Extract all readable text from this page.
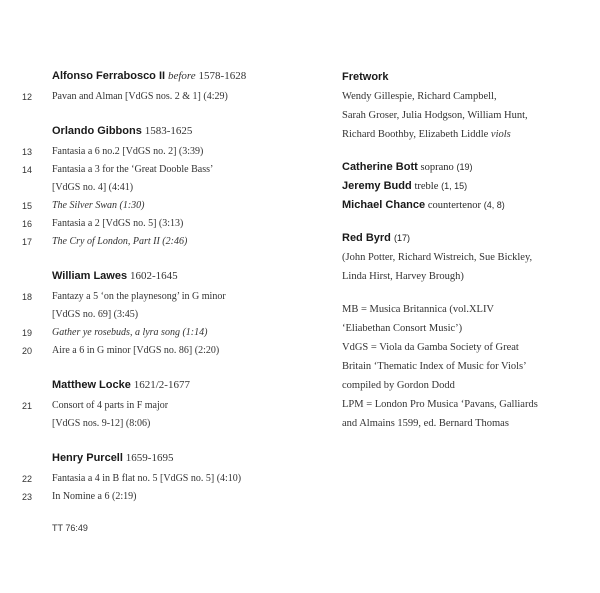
Alfonso Ferrabosco II before 1578-1628

12	Pavan and Alman [VdGS nos. 2 & 1] (4:29)

Orlando Gibbons 1583-1625

13	Fantasia a 6 no.2 [VdGS no. 2] (3:39)
14	Fantasia a 3 for the ‘Great Dooble Bass’
[VdGS no. 4] (4:41)
15	The Silver Swan (1:30)
16	Fantasia a 2 [VdGS no. 5] (3:13)
17	The Cry of London, Part II (2:46)

William Lawes 1602-1645

18	Fantazy a 5 ‘on the playnesong’ in G minor
[VdGS no. 69] (3:45)
19	Gather ye rosebuds, a lyra song (1:14)
20	Aire a 6 in G minor [VdGS no. 86] (2:20)

Matthew Locke 1621/2-1677

21	Consort of 4 parts in F major
[VdGS nos. 9-12] (8:06)

Henry Purcell 1659-1695

22	Fantasia a 4 in B flat no. 5 [VdGS no. 5] (4:10)
23	In Nomine a 6 (2:19)
TT 76:49
Fretwork
Wendy Gillespie, Richard Campbell,
Sarah Groser, Julia Hodgson, William Hunt,
Richard Boothby, Elizabeth Liddle viols
Catherine Bott soprano (19)
Jeremy Budd treble (1, 15)
Michael Chance countertenor (4, 8)
Red Byrd (17)
(John Potter, Richard Wistreich, Sue Bickley,
Linda Hirst, Harvey Brough)
MB = Musica Britannica (vol.XLIV
‘Eliabethan Consort Music’)
VdGS = Viola da Gamba Society of Great
Britain ‘Thematic Index of Music for Viols’
compiled by Gordon Dodd
LPM = London Pro Musica ‘Pavans, Galliards
and Almains 1599, ed. Bernard Thomas
